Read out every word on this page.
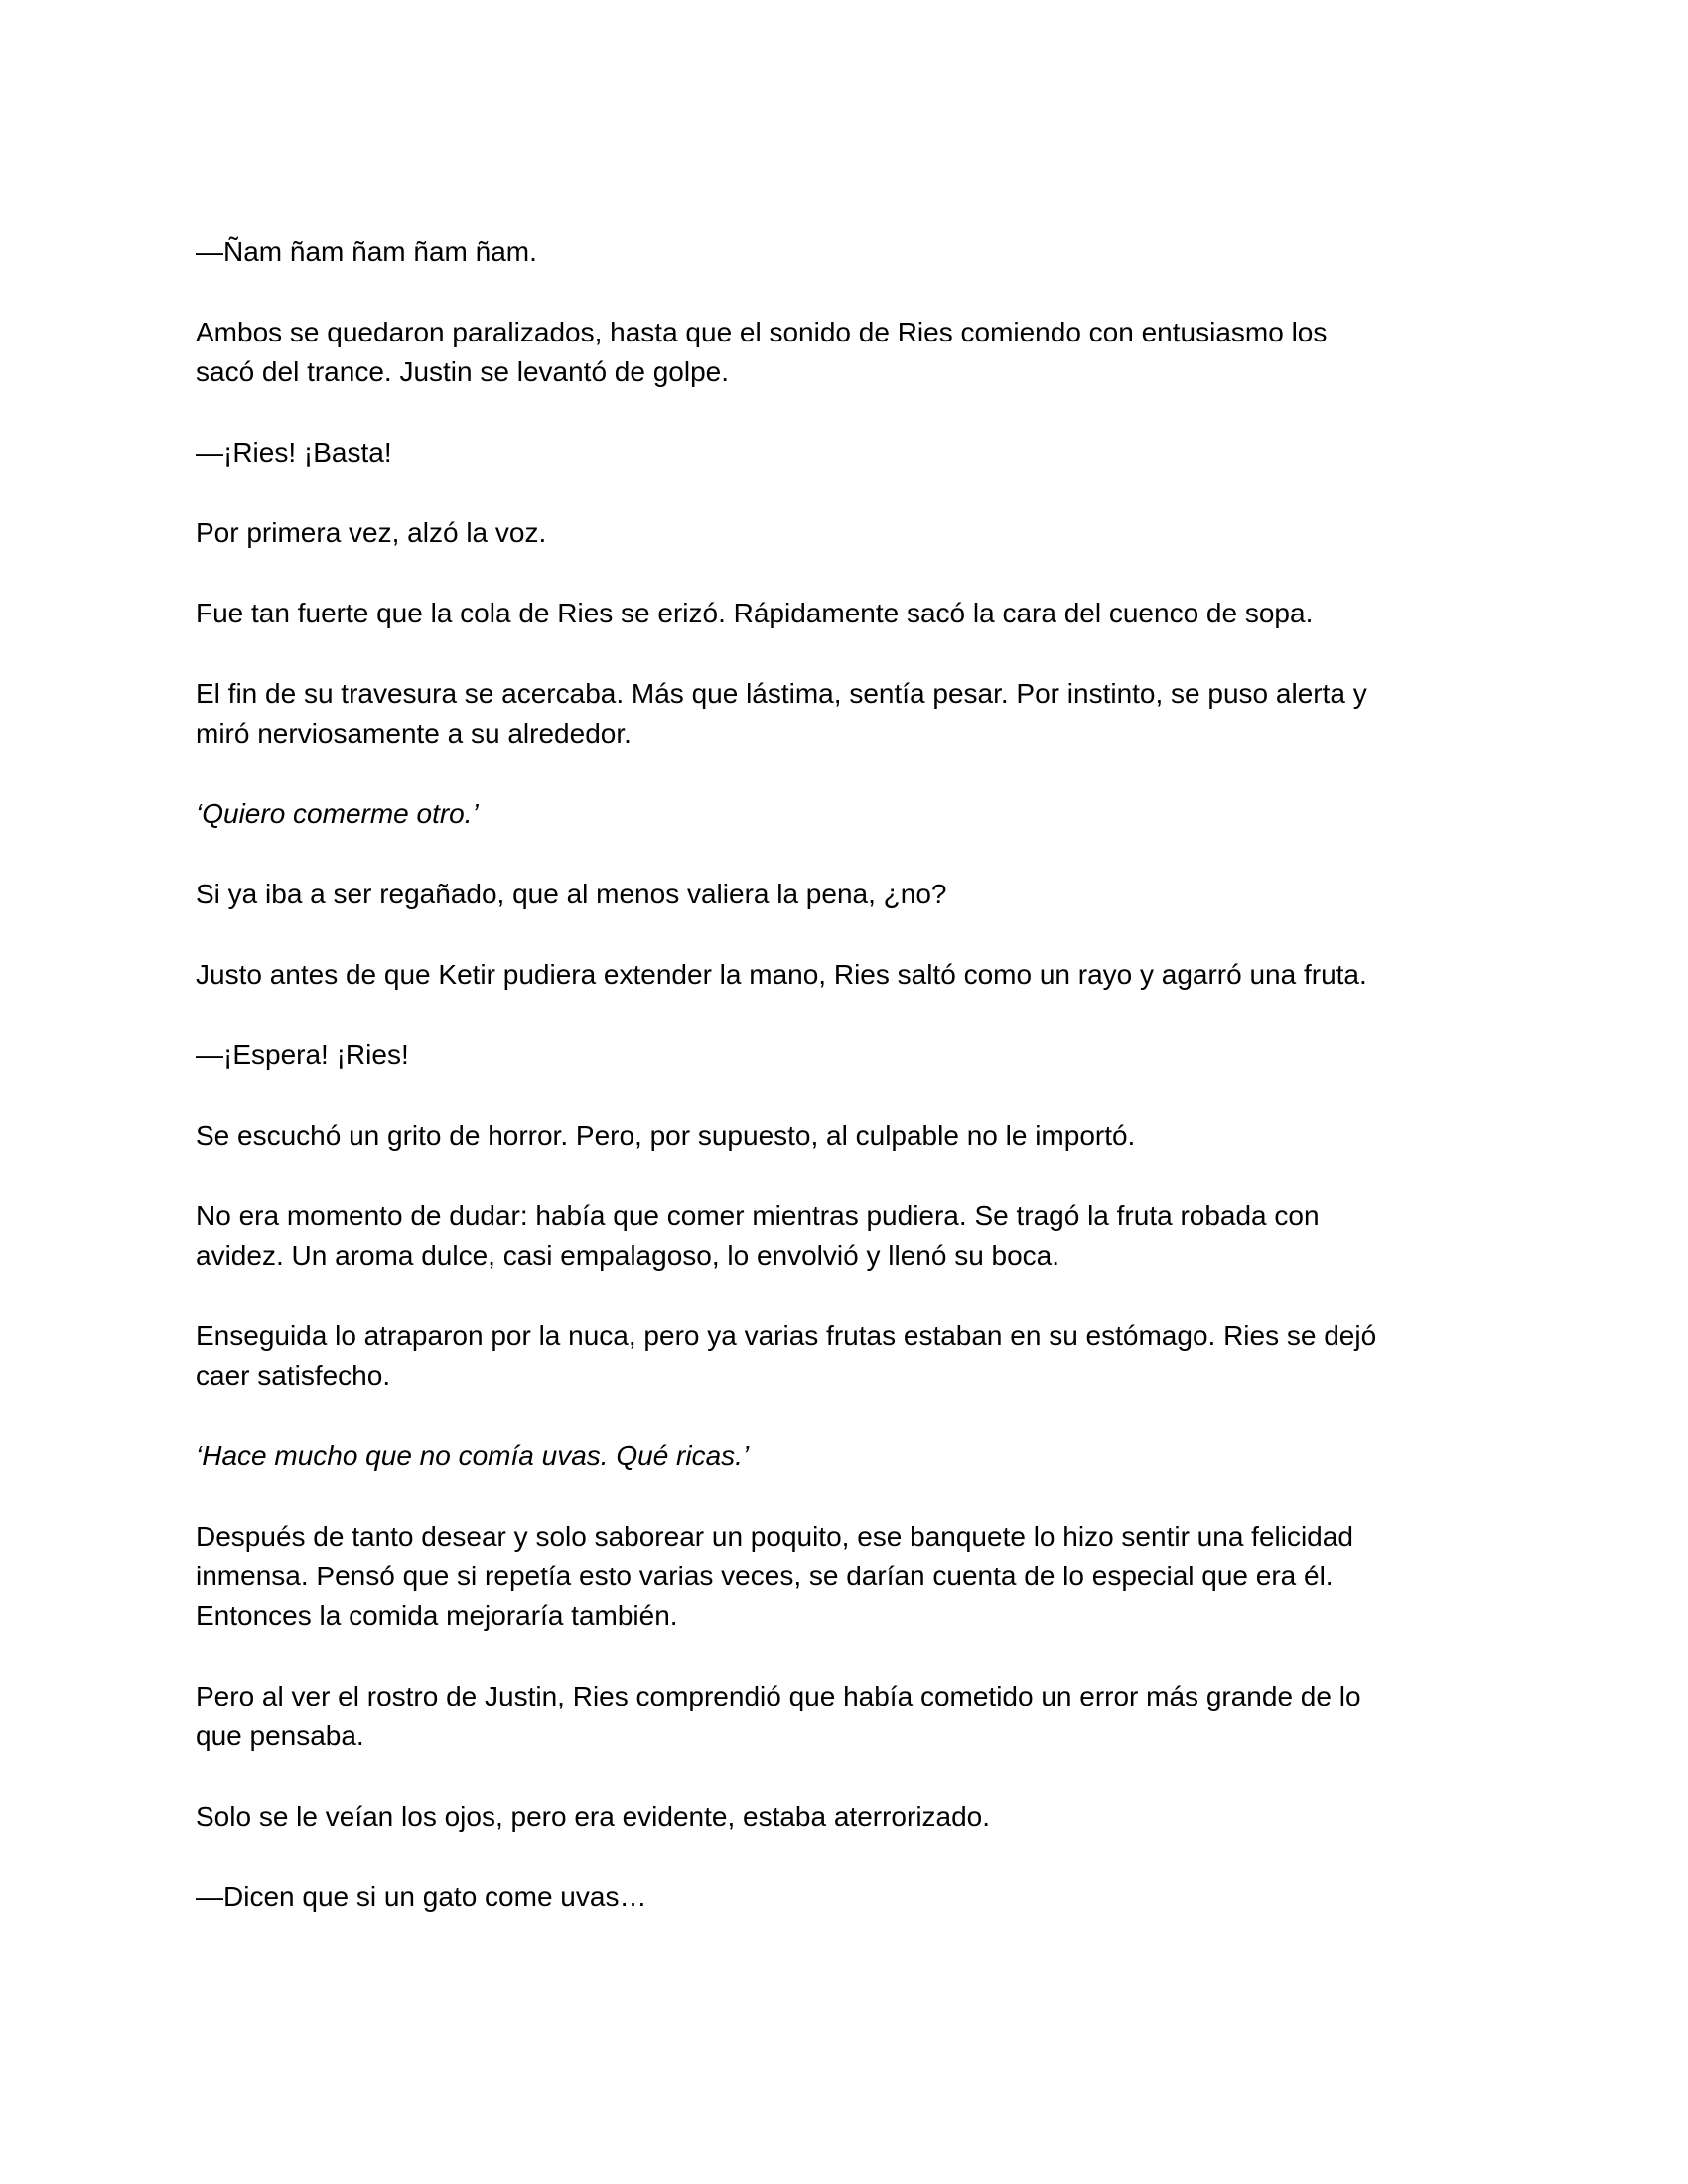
—Ñam ñam ñam ñam ñam.

Ambos se quedaron paralizados, hasta que el sonido de Ries comiendo con entusiasmo los
sacó del trance. Justin se levantó de golpe.

—¡Ries! ¡Basta!

Por primera vez, alzó la voz.

Fue tan fuerte que la cola de Ries se erizó. Rápidamente sacó la cara del cuenco de sopa.

El fin de su travesura se acercaba. Más que lástima, sentía pesar. Por instinto, se puso alerta y
miró nerviosamente a su alrededor.

‘Quiero comerme otro.’

Si ya iba a ser regañado, que al menos valiera la pena, ¿no?

Justo antes de que Ketir pudiera extender la mano, Ries saltó como un rayo y agarró una fruta.

—¡Espera! ¡Ries!

Se escuchó un grito de horror. Pero, por supuesto, al culpable no le importó.

No era momento de dudar: había que comer mientras pudiera. Se tragó la fruta robada con
avidez. Un aroma dulce, casi empalagoso, lo envolvió y llenó su boca.

Enseguida lo atraparon por la nuca, pero ya varias frutas estaban en su estómago. Ries se dejó
caer satisfecho.

‘Hace mucho que no comía uvas. Qué ricas.’

Después de tanto desear y solo saborear un poquito, ese banquete lo hizo sentir una felicidad
inmensa. Pensó que si repetía esto varias veces, se darían cuenta de lo especial que era él.
Entonces la comida mejoraría también.

Pero al ver el rostro de Justin, Ries comprendió que había cometido un error más grande de lo
que pensaba.

Solo se le veían los ojos, pero era evidente, estaba aterrorizado.

—Dicen que si un gato come uvas…
